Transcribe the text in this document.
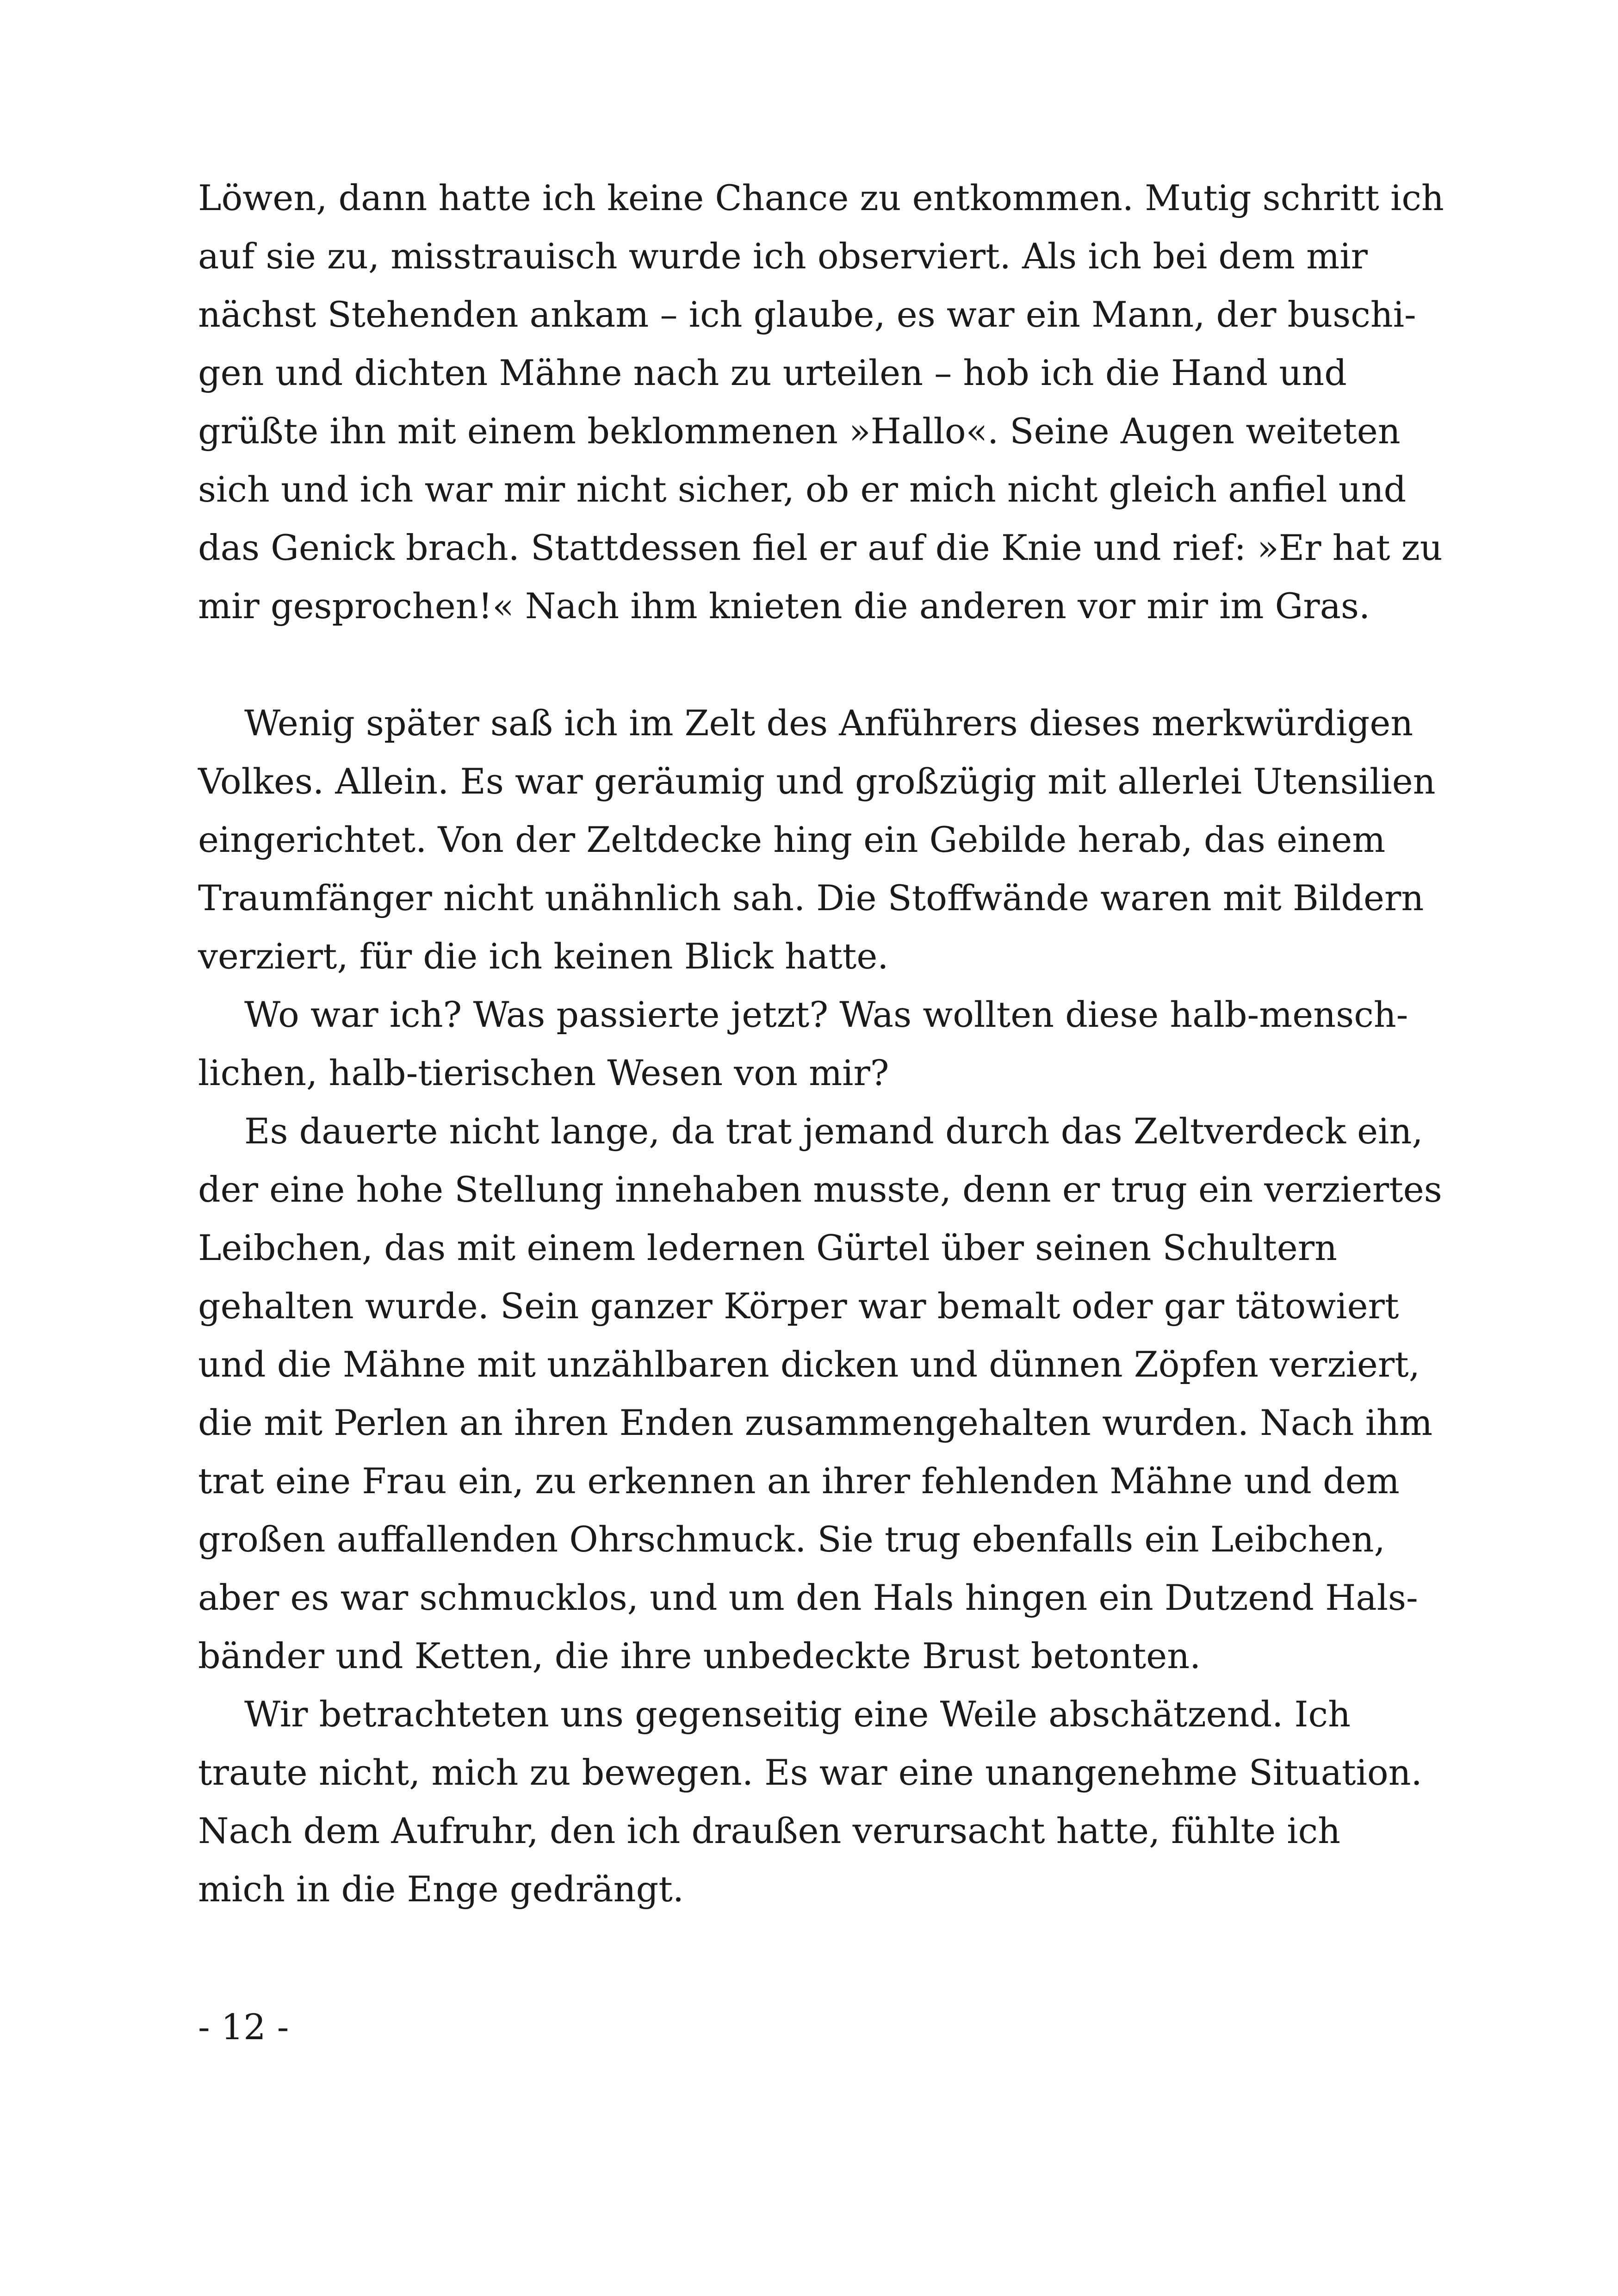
Löwen, dann hatte ich keine Chance zu entkommen. Mutig schritt ich
auf sie zu, misstrauisch wurde ich observiert. Als ich bei dem mir
nächst Stehenden ankam – ich glaube, es war ein Mann, der buschi-
gen und dichten Mähne nach zu urteilen – hob ich die Hand und
grüßte ihn mit einem beklommenen »Hallo«. Seine Augen weiteten
sich und ich war mir nicht sicher, ob er mich nicht gleich anfiel und
das Genick brach. Stattdessen fiel er auf die Knie und rief: »Er hat zu
mir gesprochen!« Nach ihm knieten die anderen vor mir im Gras.
Wenig später saß ich im Zelt des Anführers dieses merkwürdigen
Volkes. Allein. Es war geräumig und großzügig mit allerlei Utensilien
eingerichtet. Von der Zeltdecke hing ein Gebilde herab, das einem
Traumfänger nicht unähnlich sah. Die Stoffwände waren mit Bildern
verziert, für die ich keinen Blick hatte.
Wo war ich? Was passierte jetzt? Was wollten diese halb-mensch-
lichen, halb-tierischen Wesen von mir?
Es dauerte nicht lange, da trat jemand durch das Zeltverdeck ein,
der eine hohe Stellung innehaben musste, denn er trug ein verziertes
Leibchen, das mit einem ledernen Gürtel über seinen Schultern
gehalten wurde. Sein ganzer Körper war bemalt oder gar tätowiert
und die Mähne mit unzählbaren dicken und dünnen Zöpfen verziert,
die mit Perlen an ihren Enden zusammengehalten wurden. Nach ihm
trat eine Frau ein, zu erkennen an ihrer fehlenden Mähne und dem
großen auffallenden Ohrschmuck. Sie trug ebenfalls ein Leibchen,
aber es war schmucklos, und um den Hals hingen ein Dutzend Hals-
bänder und Ketten, die ihre unbedeckte Brust betonten.
Wir betrachteten uns gegenseitig eine Weile abschätzend. Ich
traute nicht, mich zu bewegen. Es war eine unangenehme Situation.
Nach dem Aufruhr, den ich draußen verursacht hatte, fühlte ich
mich in die Enge gedrängt.
- 12 -
